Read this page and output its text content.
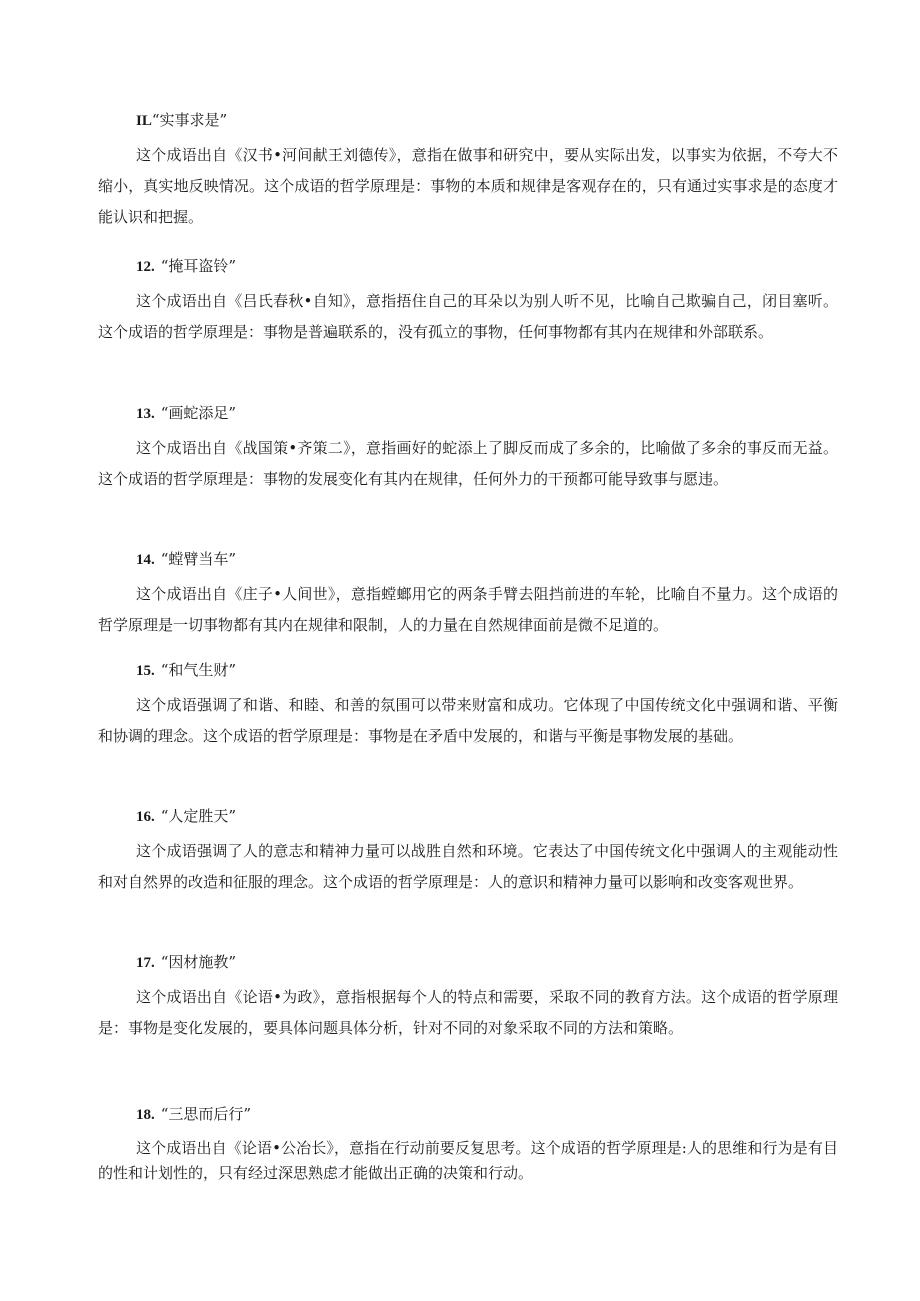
IL“实事求是”

这个成语出自《汉书•河间献王刘德传》，意指在做事和研究中，要从实际出发，以事实为依据，不夸大不缩小，真实地反映情况。这个成语的哲学原理是：事物的本质和规律是客观存在的，只有通过实事求是的态度才能认识和把握。

12. “掩耳盗铃”

这个成语出自《吕氏春秋•自知》，意指捂住自己的耳朵以为别人听不见，比喻自己欺骗自己，闭目塞听。这个成语的哲学原理是：事物是普遍联系的，没有孤立的事物，任何事物都有其内在规律和外部联系。

13. “画蛇添足”

这个成语出自《战国策•齐策二》，意指画好的蛇添上了脚反而成了多余的，比喻做了多余的事反而无益。这个成语的哲学原理是：事物的发展变化有其内在规律，任何外力的干预都可能导致事与愿违。

14. “螳臂当车”

这个成语出自《庄子•人间世》，意指螳螂用它的两条手臂去阻挡前进的车轮，比喻自不量力。这个成语的哲学原理是一切事物都有其内在规律和限制，人的力量在自然规律面前是微不足道的。

15. “和气生财”

这个成语强调了和谐、和睦、和善的氛围可以带来财富和成功。它体现了中国传统文化中强调和谐、平衡和协调的理念。这个成语的哲学原理是：事物是在矛盾中发展的，和谐与平衡是事物发展的基础。

16. “人定胜天”

这个成语强调了人的意志和精神力量可以战胜自然和环境。它表达了中国传统文化中强调人的主观能动性和对自然界的改造和征服的理念。这个成语的哲学原理是：人的意识和精神力量可以影响和改变客观世界。

17. “因材施教”

这个成语出自《论语•为政》，意指根据每个人的特点和需要，采取不同的教育方法。这个成语的哲学原理是：事物是变化发展的，要具体问题具体分析，针对不同的对象采取不同的方法和策略。

18. “三思而后行”

这个成语出自《论语•公冶长》，意指在行动前要反复思考。这个成语的哲学原理是:人的思维和行为是有目的性和计划性的，只有经过深思熟虑才能做出正确的决策和行动。
